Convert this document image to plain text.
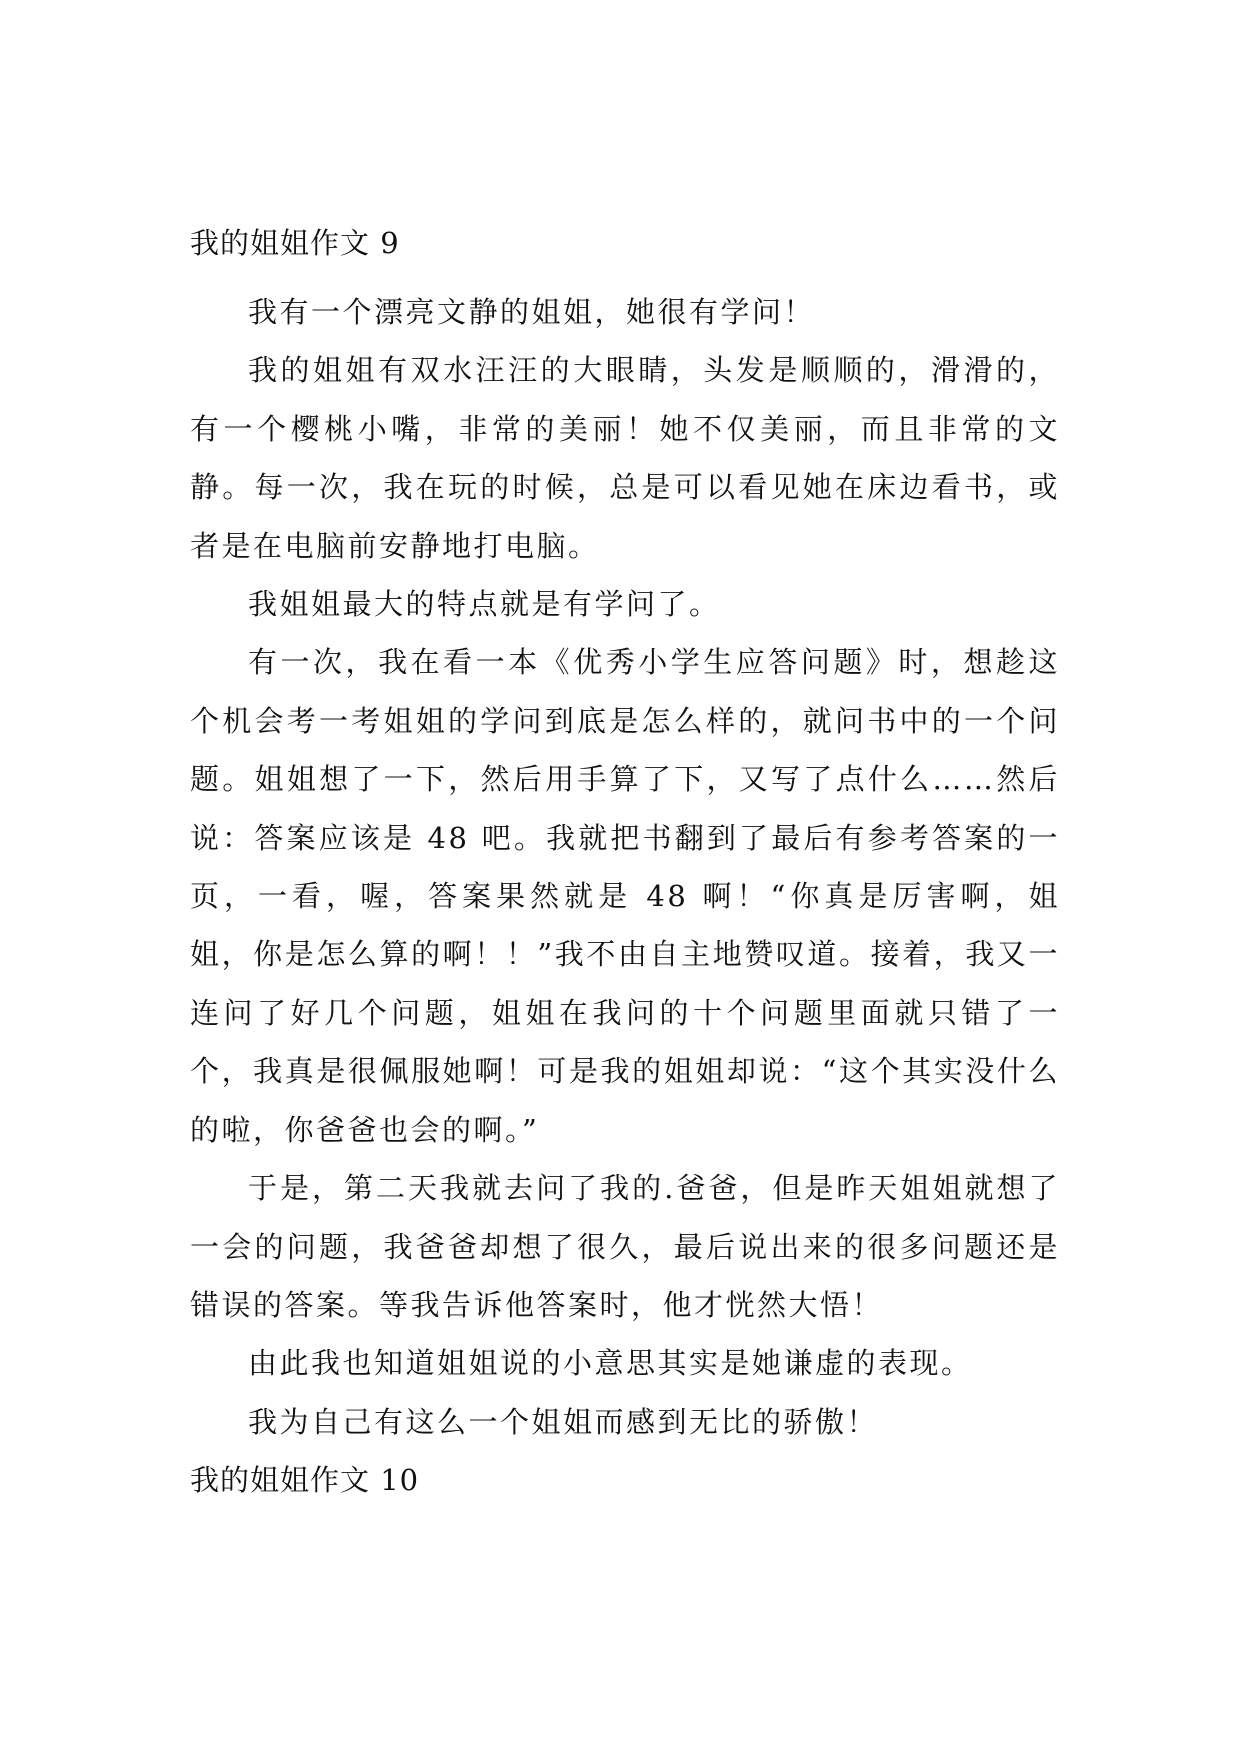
我的姐姐作文 9

我有一个漂亮文静的姐姐，她很有学问！

我的姐姐有双水汪汪的大眼睛，头发是顺顺的，滑滑的，有一个樱桃小嘴，非常的美丽！她不仅美丽，而且非常的文静。每一次，我在玩的时候，总是可以看见她在床边看书，或者是在电脑前安静地打电脑。

我姐姐最大的特点就是有学问了。

有一次，我在看一本《优秀小学生应答问题》时，想趁这个机会考一考姐姐的学问到底是怎么样的，就问书中的一个问题。姐姐想了一下，然后用手算了下，又写了点什么……然后说：答案应该是 48 吧。我就把书翻到了最后有参考答案的一页，一看，喔，答案果然就是 48 啊！“你真是厉害啊，姐姐，你是怎么算的啊！！”我不由自主地赞叹道。接着，我又一连问了好几个问题，姐姐在我问的十个问题里面就只错了一个，我真是很佩服她啊！可是我的姐姐却说：“这个其实没什么的啦，你爸爸也会的啊。”

于是，第二天我就去问了我的.爸爸，但是昨天姐姐就想了一会的问题，我爸爸却想了很久，最后说出来的很多问题还是错误的答案。等我告诉他答案时，他才恍然大悟！

由此我也知道姐姐说的小意思其实是她谦虚的表现。

我为自己有这么一个姐姐而感到无比的骄傲！

我的姐姐作文 10
